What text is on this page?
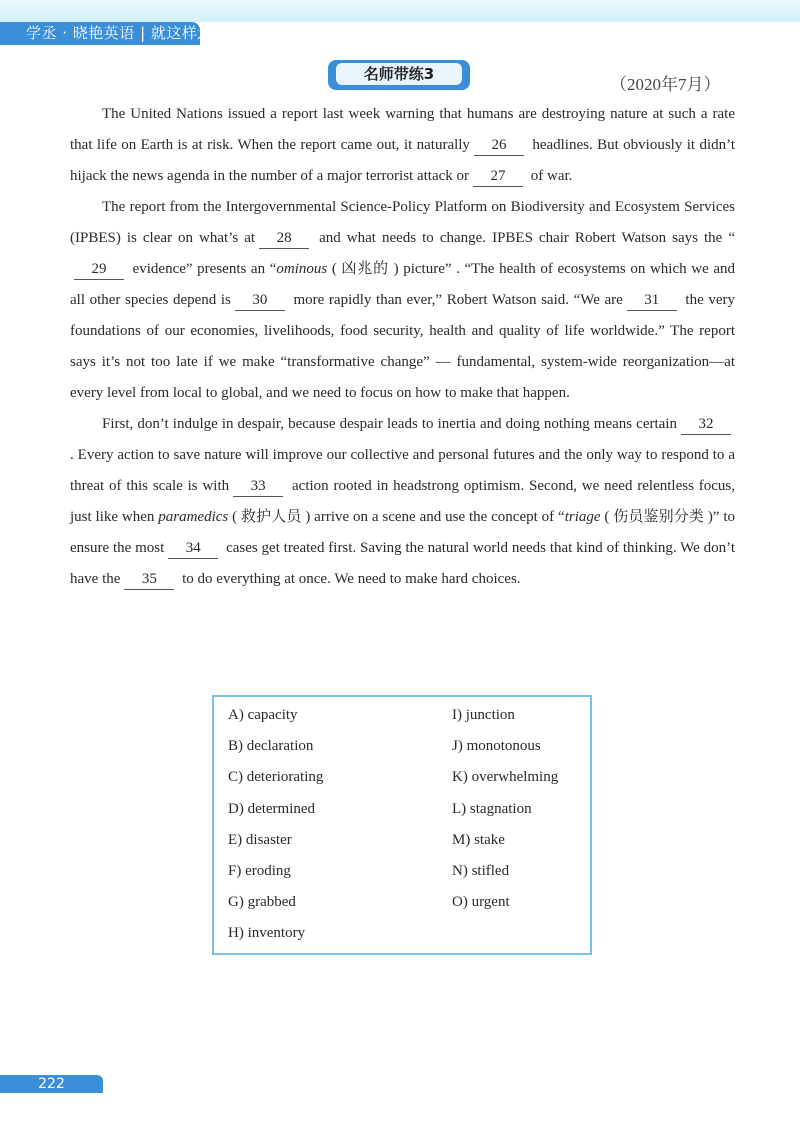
学丞 · 晓艳英语 | 就这样过英语六级
名师带练3
（2020年7月）

The United Nations issued a report last week warning that humans are destroying nature at such a rate that life on Earth is at risk. When the report came out, it naturally 26 headlines. But obviously it didn’t hijack the news agenda in the number of a major terrorist attack or 27 of war.

The report from the Intergovernmental Science-Policy Platform on Biodiversity and Ecosystem Services (IPBES) is clear on what’s at 28 and what needs to change. IPBES chair Robert Watson says the “29 evidence” presents an “ominous ( 凶兆的 ) picture” . “The health of ecosystems on which we and all other species depend is 30 more rapidly than ever,” Robert Watson said. “We are 31 the very foundations of our economies, livelihoods, food security, health and quality of life worldwide.” The report says it’s not too late if we make “transformative change” — fundamental, system-wide reorganization—at every level from local to global, and we need to focus on how to make that happen.

First, don’t indulge in despair, because despair leads to inertia and doing nothing means certain 32 . Every action to save nature will improve our collective and personal futures and the only way to respond to a threat of this scale is with 33 action rooted in headstrong optimism. Second, we need relentless focus, just like when paramedics ( 救护人员 ) arrive on a scene and use the concept of “triage ( 伤员鉴别分类 )” to ensure the most 34 cases get treated first. Saving the natural world needs that kind of thinking. We don’t have the 35 to do everything at once. We need to make hard choices.

A) capacity
B) declaration
C) deteriorating
D) determined
E) disaster
F) eroding
G) grabbed
H) inventory
I) junction
J) monotonous
K) overwhelming
L) stagnation
M) stake
N) stifled
O) urgent
222
